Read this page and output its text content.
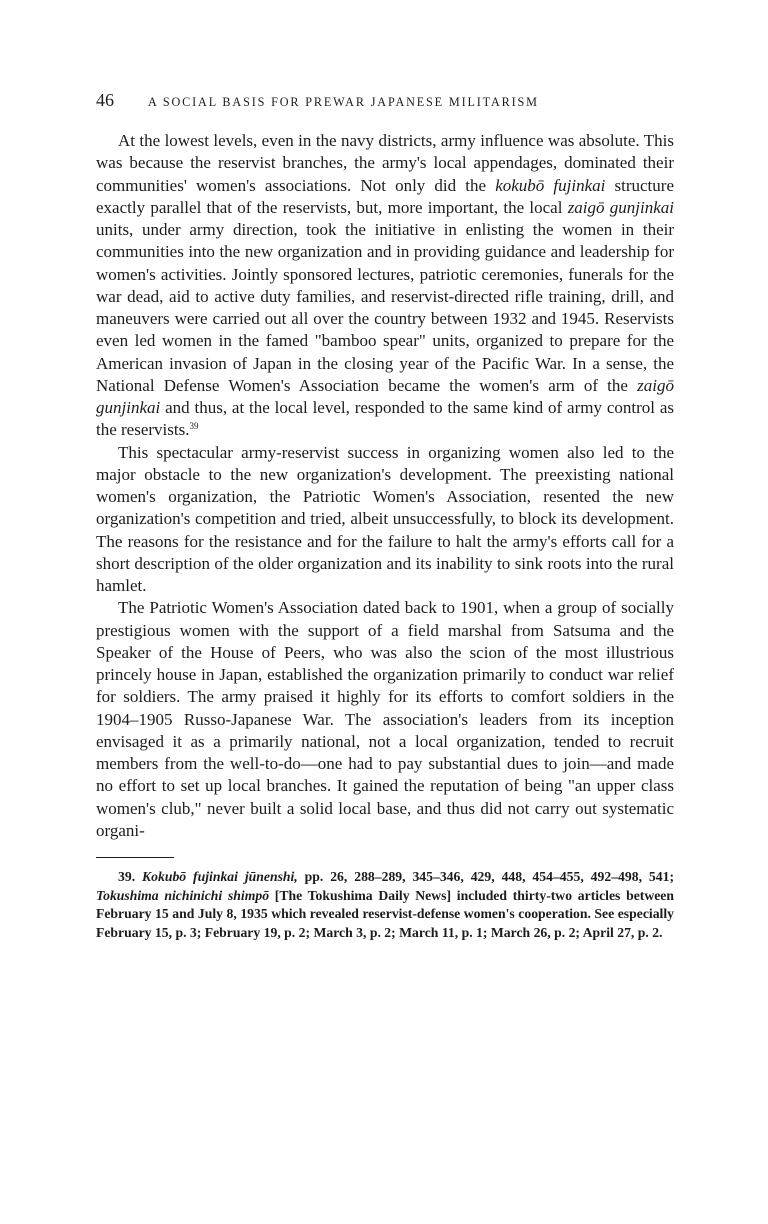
46	A SOCIAL BASIS FOR PREWAR JAPANESE MILITARISM

At the lowest levels, even in the navy districts, army influence was absolute. This was because the reservist branches, the army's local appendages, dominated their communities' women's associations. Not only did the kokubō fujinkai structure exactly parallel that of the reservists, but, more important, the local zaigō gunjinkai units, under army direction, took the initiative in enlisting the women in their communities into the new organization and in providing guidance and leadership for women's activities. Jointly sponsored lectures, patriotic ceremonies, funerals for the war dead, aid to active duty families, and reservist-directed rifle training, drill, and maneuvers were carried out all over the country between 1932 and 1945. Reservists even led women in the famed "bamboo spear" units, organized to prepare for the American invasion of Japan in the closing year of the Pacific War. In a sense, the National Defense Women's Association became the women's arm of the zaigō gunjinkai and thus, at the local level, responded to the same kind of army control as the reservists.$^{39}$

This spectacular army-reservist success in organizing women also led to the major obstacle to the new organization's development. The preexisting national women's organization, the Patriotic Women's Association, resented the new organization's competition and tried, albeit unsuccessfully, to block its development. The reasons for the resistance and for the failure to halt the army's efforts call for a short description of the older organization and its inability to sink roots into the rural hamlet.

The Patriotic Women's Association dated back to 1901, when a group of socially prestigious women with the support of a field marshal from Satsuma and the Speaker of the House of Peers, who was also the scion of the most illustrious princely house in Japan, established the organization primarily to conduct war relief for soldiers. The army praised it highly for its efforts to comfort soldiers in the 1904–1905 Russo-Japanese War. The association's leaders from its inception envisaged it as a primarily national, not a local organization, tended to recruit members from the well-to-do—one had to pay substantial dues to join—and made no effort to set up local branches. It gained the reputation of being "an upper class women's club," never built a solid local base, and thus did not carry out systematic organi-

39. Kokubō fujinkai jūnenshi, pp. 26, 288–289, 345–346, 429, 448, 454–455, 492–498, 541; Tokushima nichinichi shimpō [The Tokushima Daily News] included thirty-two articles between February 15 and July 8, 1935 which revealed reservist-defense women's cooperation. See especially February 15, p. 3; February 19, p. 2; March 3, p. 2; March 11, p. 1; March 26, p. 2; April 27, p. 2.
